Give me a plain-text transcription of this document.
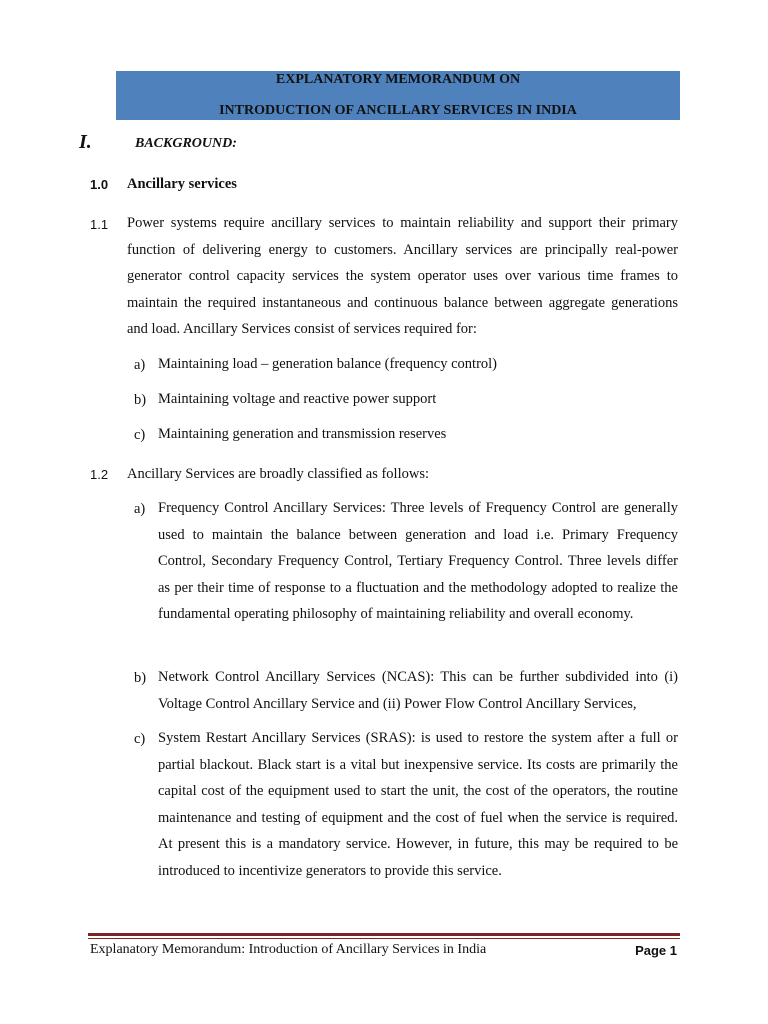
EXPLANATORY MEMORANDUM ON
INTRODUCTION OF ANCILLARY SERVICES IN INDIA
I.	BACKGROUND:
1.0 Ancillary services
1.1 Power systems require ancillary services to maintain reliability and support their primary function of delivering energy to customers. Ancillary services are principally real-power generator control capacity services the system operator uses over various time frames to maintain the required instantaneous and continuous balance between aggregate generations and load. Ancillary Services consist of services required for:
a) Maintaining load – generation balance (frequency control)
b) Maintaining voltage and reactive power support
c) Maintaining generation and transmission reserves
1.2 Ancillary Services are broadly classified as follows:
a) Frequency Control Ancillary Services: Three levels of Frequency Control are generally used to maintain the balance between generation and load i.e. Primary Frequency Control, Secondary Frequency Control, Tertiary Frequency Control. Three levels differ as per their time of response to a fluctuation and the methodology adopted to realize the fundamental operating philosophy of maintaining reliability and overall economy.
b) Network Control Ancillary Services (NCAS): This can be further subdivided into (i) Voltage Control Ancillary Service and (ii) Power Flow Control Ancillary Services,
c) System Restart Ancillary Services (SRAS): is used to restore the system after a full or partial blackout. Black start is a vital but inexpensive service. Its costs are primarily the capital cost of the equipment used to start the unit, the cost of the operators, the routine maintenance and testing of equipment and the cost of fuel when the service is required. At present this is a mandatory service. However, in future, this may be required to be introduced to incentivize generators to provide this service.
Explanatory Memorandum: Introduction of Ancillary Services in India	Page 1
